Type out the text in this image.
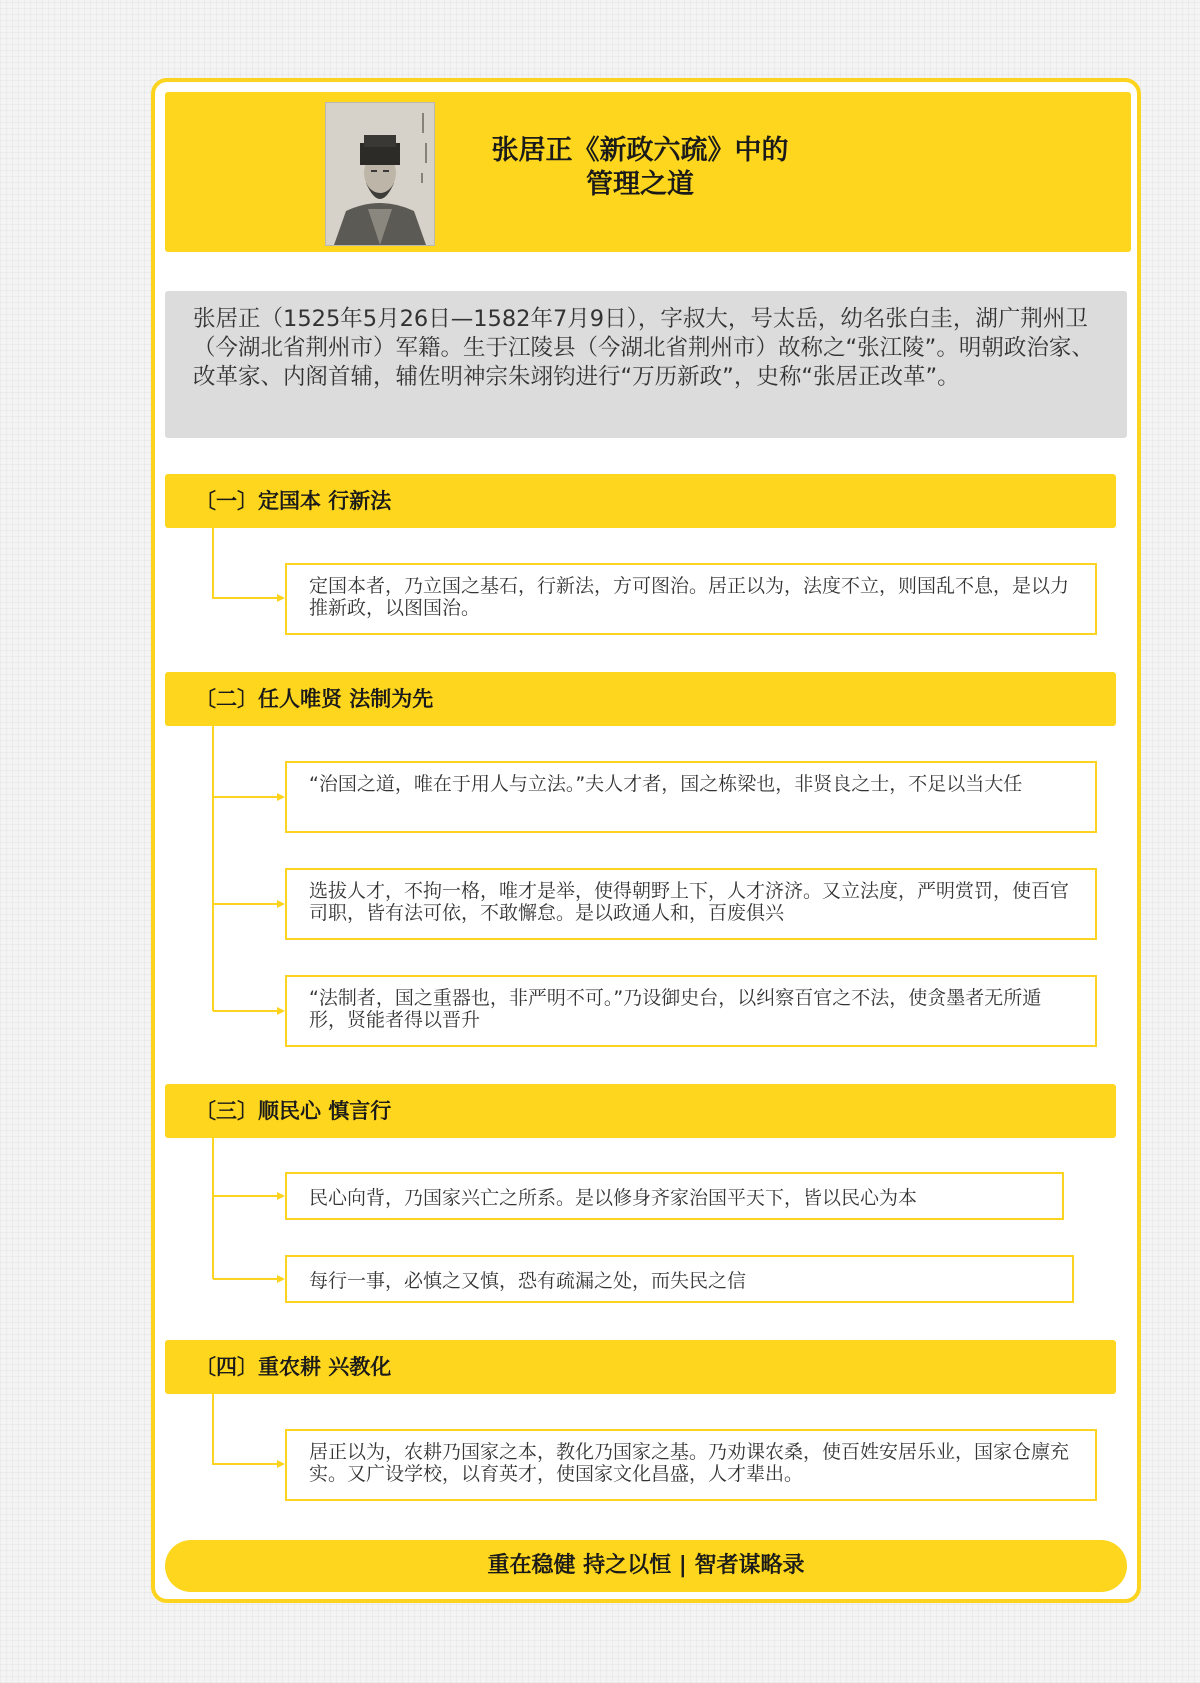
张居正《新政六疏》中的
管理之道
张居正（1525年5月26日—1582年7月9日），字叔大，号太岳，幼名张白圭，湖广荆州卫（今湖北省荆州市）军籍。生于江陵县（今湖北省荆州市）故称之“张江陵”。明朝政治家、改革家、内阁首辅，辅佐明神宗朱翊钧进行“万历新政”，史称“张居正改革”。
〔一〕定国本 行新法
定国本者，乃立国之基石，行新法，方可图治。居正以为，法度不立，则国乱不息，是以力推新政，以图国治。
〔二〕任人唯贤 法制为先
“治国之道，唯在于用人与立法。”夫人才者，国之栋梁也，非贤良之士，不足以当大任
选拔人才，不拘一格，唯才是举，使得朝野上下，人才济济。又立法度，严明赏罚，使百官司职，皆有法可依，不敢懈怠。是以政通人和，百废俱兴
“法制者，国之重器也，非严明不可。”乃设御史台，以纠察百官之不法，使贪墨者无所遁形，贤能者得以晋升
〔三〕顺民心 慎言行
民心向背，乃国家兴亡之所系。是以修身齐家治国平天下，皆以民心为本
每行一事，必慎之又慎，恐有疏漏之处，而失民之信
〔四〕重农耕 兴教化
居正以为，农耕乃国家之本，教化乃国家之基。乃劝课农桑，使百姓安居乐业，国家仓廪充实。又广设学校，以育英才，使国家文化昌盛，人才辈出。
重在稳健 持之以恒 | 智者谋略录
